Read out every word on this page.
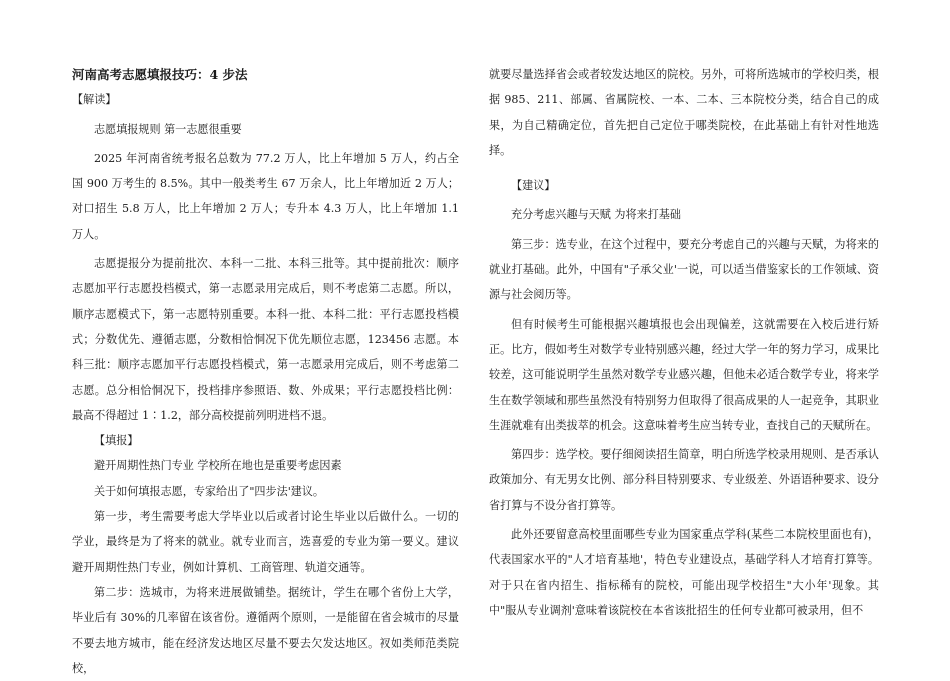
河南高考志愿填报技巧：4 步法

【解读】

志愿填报规则 第一志愿很重要

2025 年河南省统考报名总数为 77.2 万人，比上年增加 5 万人，约占全国 900 万考生的 8.5%。其中一般类考生 67 万余人，比上年增加近 2 万人；对口招生 5.8 万人，比上年增加 2 万人；专升本 4.3 万人，比上年增加 1.1 万人。

志愿提报分为提前批次、本科一二批、本科三批等。其中提前批次：顺序志愿加平行志愿投档模式，第一志愿录用完成后，则不考虑第二志愿。所以，顺序志愿模式下，第一志愿特别重要。本科一批、本科二批：平行志愿投档模式；分数优先、遵循志愿，分数相恰恫况下优先顺位志愿，123456 志愿。本科三批：顺序志愿加平行志愿投档模式，第一志愿录用完成后，则不考虑第二志愿。总分相恰恫况下，投档排序参照语、数、外成果；平行志愿投档比例：最高不得超过 1∶1.2，部分高校提前列明进档不退。

【填报】

避开周期性热门专业 学校所在地也是重要考虑因素

关于如何填报志愿，专家给出了"四步法'建议。

第一步，考生需要考虑大学毕业以后或者讨论生毕业以后做什么。一切的学业，最终是为了将来的就业。就专业而言，选喜爱的专业为第一要义。建议避开周期性热门专业，例如计算机、工商管理、轨道交通等。

第二步：选城市，为将来进展做铺垫。据统计，学生在哪个省份上大学，毕业后有 30%的几率留在该省份。遵循两个原则，一是能留在省会城市的尽量不要去地方城市，能在经济发达地区尽量不要去欠发达地区。衩如类师范类院校，

就要尽量选择省会或者较发达地区的院校。另外，可将所选城市的学校归类，根据 985、211、部属、省属院校、一本、二本、三本院校分类，结合自己的成果，为自己精确定位，首先把自己定位于哪类院校，在此基础上有针对性地选择。

【建议】

充分考虑兴趣与天赋 为将来打基础

第三步：选专业，在这个过程中，要充分考虑自己的兴趣与天赋，为将来的就业打基础。此外，中国有"子承父业'一说，可以适当借鉴家长的工作领域、资源与社会阅历等。

但有时候考生可能根据兴趣填报也会出现偏差，这就需要在入校后进行矫正。比方，假如考生对数学专业特别感兴趣，经过大学一年的努力学习，成果比较差，这可能说明学生虽然对数学专业感兴趣，但他未必适合数学专业，将来学生在数学领域和那些虽然没有特别努力但取得了很高成果的人一起竞争，其职业生涯就难有出类拔萃的机会。这意味着考生应当转专业，查找自己的天赋所在。

第四步：选学校。要仔细阅读招生简章，明白所选学校录用规则、是否承认政策加分、有无男女比例、部分科目特别要求、专业级差、外语语种要求、设分省打算与不设分省打算等。

此外还要留意高校里面哪些专业为国家重点学科(某些二本院校里面也有)，代表国家水平的"人才培育基地'，特色专业建设点，基础学科人才培育打算等。对于只在省内招生、指标稀有的院校，可能出现学校招生"大小年'现象。其中"服从专业调剂'意味着该院校在本省该批招生的任何专业都可被录用，但不
